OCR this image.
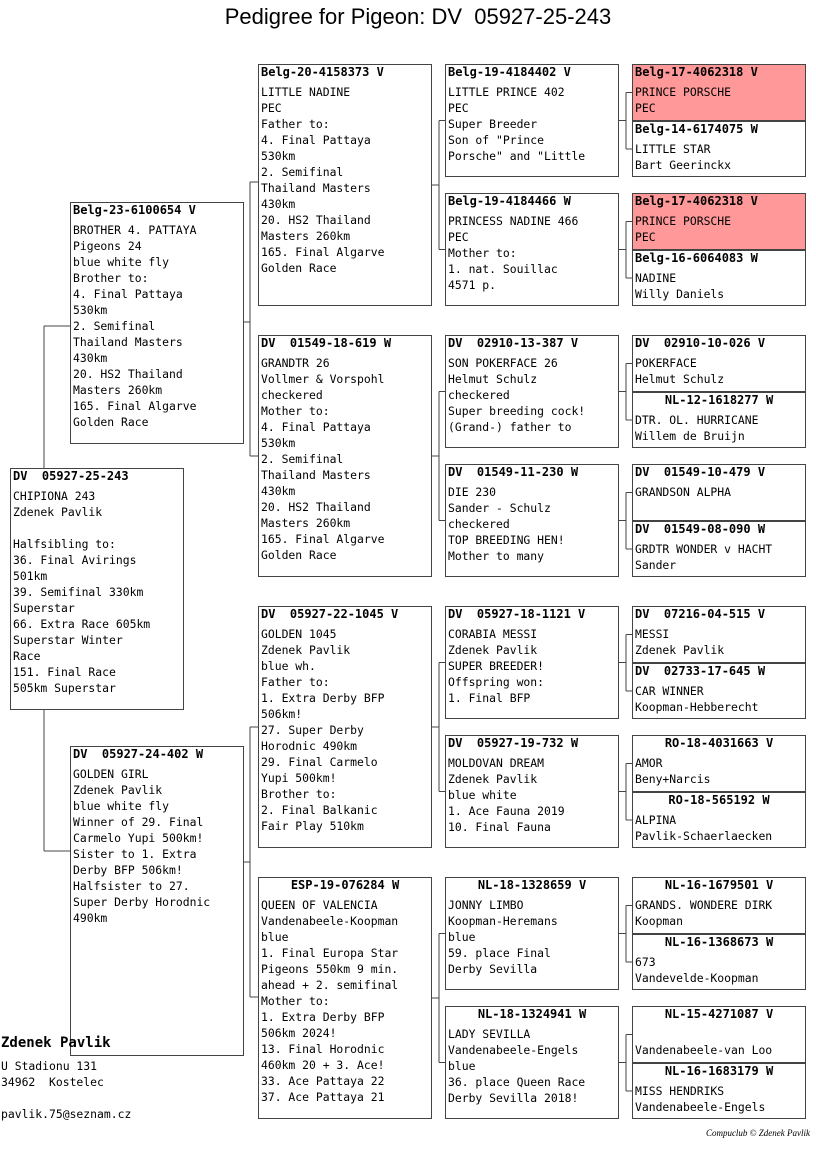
Pedigree for Pigeon: DV  05927-25-243
DV  05927-25-243
CHIPIONA 243
Zdenek Pavlik
Halfsibling to:
36. Final Avirings
501km
39. Semifinal 330km
Superstar
66. Extra Race 605km
Superstar Winter
Race
151. Final Race
505km Superstar
Belg-23-6100654 V
BROTHER 4. PATTAYA
Pigeons 24
blue white fly
Brother to:
4. Final Pattaya
530km
2. Semifinal
Thailand Masters
430km
20. HS2 Thailand
Masters 260km
165. Final Algarve
Golden Race
DV  05927-24-402 W
GOLDEN GIRL
Zdenek Pavlik
blue white fly
Winner of 29. Final
Carmelo Yupi 500km!
Sister to 1. Extra
Derby BFP 506km!
Halfsister to 27.
Super Derby Horodnic
490km
Belg-20-4158373 V
LITTLE NADINE
PEC
Father to:
4. Final Pattaya
530km
2. Semifinal
Thailand Masters
430km
20. HS2 Thailand
Masters 260km
165. Final Algarve
Golden Race
DV  01549-18-619 W
GRANDTR 26
Vollmer & Vorspohl
checkered
Mother to:
4. Final Pattaya
530km
2. Semifinal
Thailand Masters
430km
20. HS2 Thailand
Masters 260km
165. Final Algarve
Golden Race
DV  05927-22-1045 V
GOLDEN 1045
Zdenek Pavlik
blue wh.
Father to:
1. Extra Derby BFP
506km!
27. Super Derby
Horodnic 490km
29. Final Carmelo
Yupi 500km!
Brother to:
2. Final Balkanic
Fair Play 510km
ESP-19-076284 W
QUEEN OF VALENCIA
Vandenabeele-Koopman
blue
1. Final Europa Star
Pigeons 550km 9 min.
ahead + 2. semifinal
Mother to:
1. Extra Derby BFP
506km 2024!
13. Final Horodnic
460km 20 + 3. Ace!
33. Ace Pattaya 22
37. Ace Pattaya 21
Belg-19-4184402 V
LITTLE PRINCE 402
PEC
Super Breeder
Son of "Prince
Porsche" and "Little
Belg-19-4184466 W
PRINCESS NADINE 466
PEC
Mother to:
1. nat. Souillac
4571 p.
DV  02910-13-387 V
SON POKERFACE 26
Helmut Schulz
checkered
Super breeding cock!
(Grand-) father to
DV  01549-11-230 W
DIE 230
Sander - Schulz
checkered
TOP BREEDING HEN!
Mother to many
DV  05927-18-1121 V
CORABIA MESSI
Zdenek Pavlik
SUPER BREEDER!
Offspring won:
1. Final BFP
DV  05927-19-732 W
MOLDOVAN DREAM
Zdenek Pavlik
blue white
1. Ace Fauna 2019
10. Final Fauna
NL-18-1328659 V
JONNY LIMBO
Koopman-Heremans
blue
59. place Final
Derby Sevilla
NL-18-1324941 W
LADY SEVILLA
Vandenabeele-Engels
blue
36. place Queen Race
Derby Sevilla 2018!
Belg-17-4062318 V
PRINCE PORSCHE
PEC
Belg-14-6174075 W
LITTLE STAR
Bart Geerinckx
Belg-17-4062318 V
PRINCE PORSCHE
PEC
Belg-16-6064083 W
NADINE
Willy Daniels
DV  02910-10-026 V
POKERFACE
Helmut Schulz
NL-12-1618277 W
DTR. OL. HURRICANE
Willem de Bruijn
DV  01549-10-479 V
GRANDSON ALPHA
DV  01549-08-090 W
GRDTR WONDER v HACHT
Sander
DV  07216-04-515 V
MESSI
Zdenek Pavlik
DV  02733-17-645 W
CAR WINNER
Koopman-Hebberecht
RO-18-4031663 V
AMOR
Beny+Narcis
RO-18-565192 W
ALPINA
Pavlik-Schaerlaecken
NL-16-1679501 V
GRANDS. WONDERE DIRK
Koopman
NL-16-1368673 W
673
Vandevelde-Koopman
NL-15-4271087 V
Vandenabeele-van Loo
NL-16-1683179 W
MISS HENDRIKS
Vandenabeele-Engels
Zdenek Pavlik
U Stadionu 131
34962  Kostelec
pavlik.75@seznam.cz
Compuclub © Zdenek Pavlik
